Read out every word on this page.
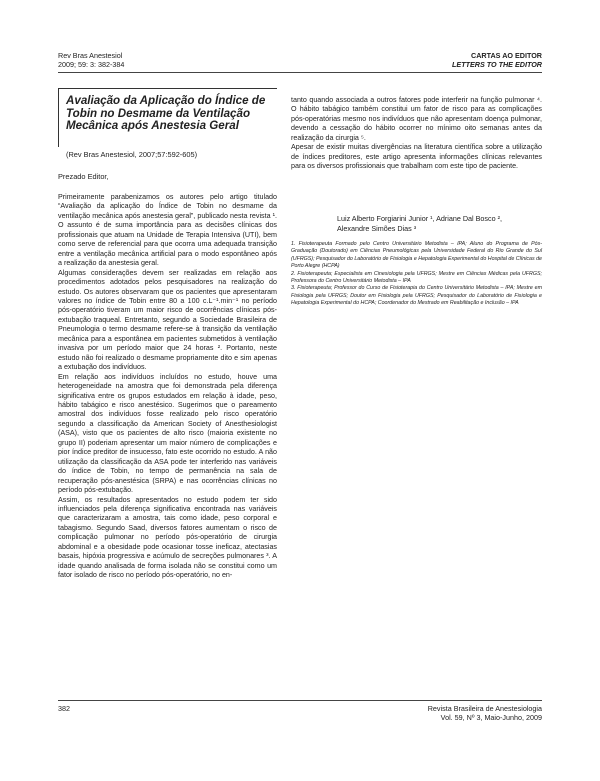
Rev Bras Anestesiol
2009; 59: 3: 382-384
CARTAS AO EDITOR
LETTERS TO THE EDITOR
Avaliação da Aplicação do Índice de Tobin no Desmame da Ventilação Mecânica após Anestesia Geral
(Rev Bras Anestesiol, 2007;57:592-605)
Prezado Editor,

Primeiramente parabenizamos os autores pelo artigo titulado “Avaliação da aplicação do Índice de Tobin no desmame da ventilação mecânica após anestesia geral”, publicado nesta revista ¹. O assunto é de suma importância para as decisões clínicas dos profissionais que atuam na Unidade de Terapia Intensiva (UTI), bem como serve de referencial para que ocorra uma adequada transição entre a ventilação mecânica artificial para o modo espontâneo após a realização da anestesia geral.

Algumas considerações devem ser realizadas em relação aos procedimentos adotados pelos pesquisadores na realização do estudo. Os autores observaram que os pacientes que apresentaram valores no índice de Tobin entre 80 a 100 c.L⁻¹.min⁻¹ no período pós-operatório tiveram um maior risco de ocorrências clínicas pós-extubação traqueal. Entretanto, segundo a Sociedade Brasileira de Pneumologia o termo desmame refere-se à transição da ventilação mecânica para a espontânea em pacientes submetidos à ventilação invasiva por um período maior que 24 horas ². Portanto, neste estudo não foi realizado o desmame propriamente dito e sim apenas a extubação dos indivíduos.

Em relação aos indivíduos incluídos no estudo, houve uma heterogeneidade na amostra que foi demonstrada pela diferença significativa entre os grupos estudados em relação à idade, peso, hábito tabágico e risco anestésico. Sugerimos que o pareamento amostral dos indivíduos fosse realizado pelo risco operatório segundo a classificação da American Society of Anesthesiologist (ASA), visto que os pacientes de alto risco (maioria existente no grupo II) poderiam apresentar um maior número de complicações e pior índice preditor de insucesso, fato este ocorrido no estudo. A não utilização da classificação da ASA pode ter interferido nas variáveis do índice de Tobin, no tempo de permanência na sala de recuperação pós-anestésica (SRPA) e nas ocorrências clínicas no período pós-extubação.

Assim, os resultados apresentados no estudo podem ter sido influenciados pela diferença significativa encontrada nas variáveis que caracterizaram a amostra, tais como idade, peso corporal e tabagismo. Segundo Saad, diversos fatores aumentam o risco de complicação pulmonar no período pós-operatório de cirurgia abdominal e a obesidade pode ocasionar tosse ineficaz, atectasias basais, hipóxia progressiva e acúmulo de secreções pulmonares ³. A idade quando analisada de forma isolada não se constitui como um fator isolado de risco no período pós-operatório, no en-

tanto quando associada a outros fatores pode interferir na função pulmonar ⁴. O hábito tabágico também constitui um fator de risco para as complicações pós-operatórias mesmo nos indivíduos que não apresentam doença pulmonar, devendo a cessação do hábito ocorrer no mínimo oito semanas antes da realização da cirurgia ⁵.

Apesar de existir muitas divergências na literatura científica sobre a utilização de índices preditores, este artigo apresenta informações clínicas relevantes para os diversos profissionais que trabalham com este tipo de paciente.

Luiz Alberto Forgiarini Junior ¹, Adriane Dal Bosco ²,
Alexandre Simões Dias ³

1. Fisioterapeuta Formado pelo Centro Universitário Metodista – IPA; Aluno do Programa de Pós-Graduação (Doutorado) em Ciências Pneumológicas pela Universidade Federal do Rio Grande do Sul (UFRGS); Pesquisador do Laboratório de Fisiologia e Hepatologia Experimental do Hospital de Clínicas de Porto Alegre (HCPA)

2. Fisioterapeuta; Especialista em Cinesiologia pela UFRGS; Mestre em Ciências Médicas pela UFRGS; Professora do Centro Universitário Metodista – IPA

3. Fisioterapeuta; Professor do Curso de Fisioterapia do Centro Universitário Metodista – IPA; Mestre em Fisiologia pela UFRGS; Doutor em Fisiologia pela UFRGS; Pesquisador do Laboratório de Fisiologia e Hepatologia Experimental do HCPA; Coordenador do Mestrado em Reabilitação e Inclusão – IPA

382	Revista Brasileira de Anestesiologia
Vol. 59, Nº 3, Maio-Junho, 2009
